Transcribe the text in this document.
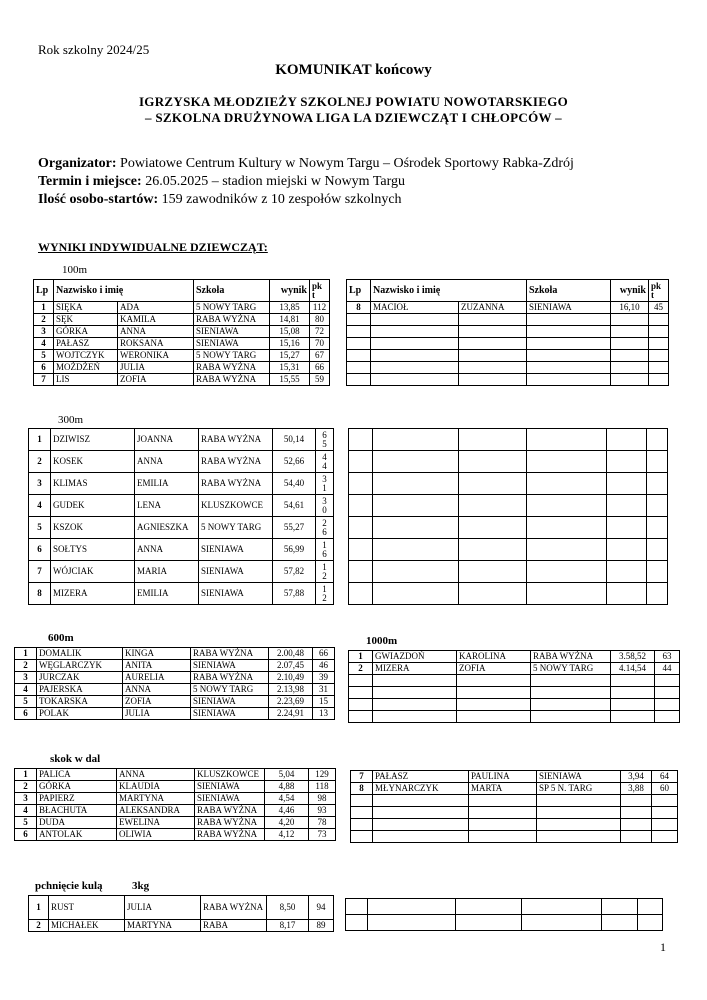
Rok szkolny 2024/25
KOMUNIKAT końcowy
IGRZYSKA MŁODZIEŻY SZKOLNEJ POWIATU NOWOTARSKIEGO
– SZKOLNA DRUŻYNOWA LIGA LA DZIEWCZĄT I CHŁOPCÓW –
Organizator: Powiatowe Centrum Kultury w Nowym Targu – Ośrodek Sportowy Rabka-Zdrój
Termin i miejsce: 26.05.2025 – stadion miejski w Nowym Targu
Ilość osobo-startów: 159 zawodników z 10 zespołów szkolnych
WYNIKI INDYWIDUALNE DZIEWCZĄT:
100m
Lp	Nazwisko i imię		Szkoła	wynik	pk
t

1	SIĘKA	ADA	5 NOWY TARG	13,85	112
2	SĘK	KAMILA	RABA WYŻNA	14,81	80
3	GÓRKA	ANNA	SIENIAWA	15,08	72
4	PAŁASZ	ROKSANA	SIENIAWA	15,16	70
5	WOJTCZYK	WERONIKA	5 NOWY TARG	15,27	67
6	MOŻDŻEŃ	JULIA	RABA WYŻNA	15,31	66
7	LIS	ZOFIA	RABA WYŻNA	15,55	59
Lp	Nazwisko i imię		Szkoła	wynik	pk
t

8	MACIOŁ	ZUZANNA	SIENIAWA	16,10	45

300m
1	DZIWISZ	JOANNA	RABA WYŻNA	50,14	6
5

2	KOSEK	ANNA	RABA WYŻNA	52,66	4
4

3	KLIMAS	EMILIA	RABA WYŻNA	54,40	3
1

4	GUDEK	LENA	KLUSZKOWCE	54,61	3
0

5	KSZOK	AGNIESZKA	5 NOWY TARG	55,27	2
6

6	SOŁTYS	ANNA	SIENIAWA	56,99	1
6

7	WÓJCIAK	MARIA	SIENIAWA	57,82	1
2

8	MIZERA	EMILIA	SIENIAWA	57,88	1
2

600m
1	DOMALIK	KINGA	RABA WYŻNA	2.00,48	66
2	WĘGLARCZYK	ANITA	SIENIAWA	2.07,45	46
3	JURCZAK	AURELIA	RABA WYŻNA	2.10,49	39
4	PAJERSKA	ANNA	5 NOWY TARG	2.13,98	31
5	TOKARSKA	ZOFIA	SIENIAWA	2.23,69	15
6	POLAK	JULIA	SIENIAWA	2.24,91	13
1000m
1	GWIAZDOŃ	KAROLINA	RABA WYŻNA	3.58,52	63
2	MIZERA	ZOFIA	5 NOWY TARG	4.14,54	44

skok w dal
1	PALICA	ANNA	KLUSZKOWCE	5,04	129
2	GÓRKA	KLAUDIA	SIENIAWA	4,88	118
3	PAPIERZ	MARTYNA	SIENIAWA	4,54	98
4	BŁACHUTA	ALEKSANDRA	RABA WYŻNA	4,46	93
5	DUDA	EWELINA	RABA WYŻNA	4,20	78
6	ANTOLAK	OLIWIA	RABA WYŻNA	4,12	73
7	PAŁASZ	PAULINA	SIENIAWA	3,94	64
8	MŁYNARCZYK	MARTA	SP 5 N. TARG	3,88	60

pchnięcie kulą	3kg
1	RUST	JULIA	RABA WYŻNA	8,50	94
2	MICHAŁEK	MARTYNA	RABA	8,17	89

1
